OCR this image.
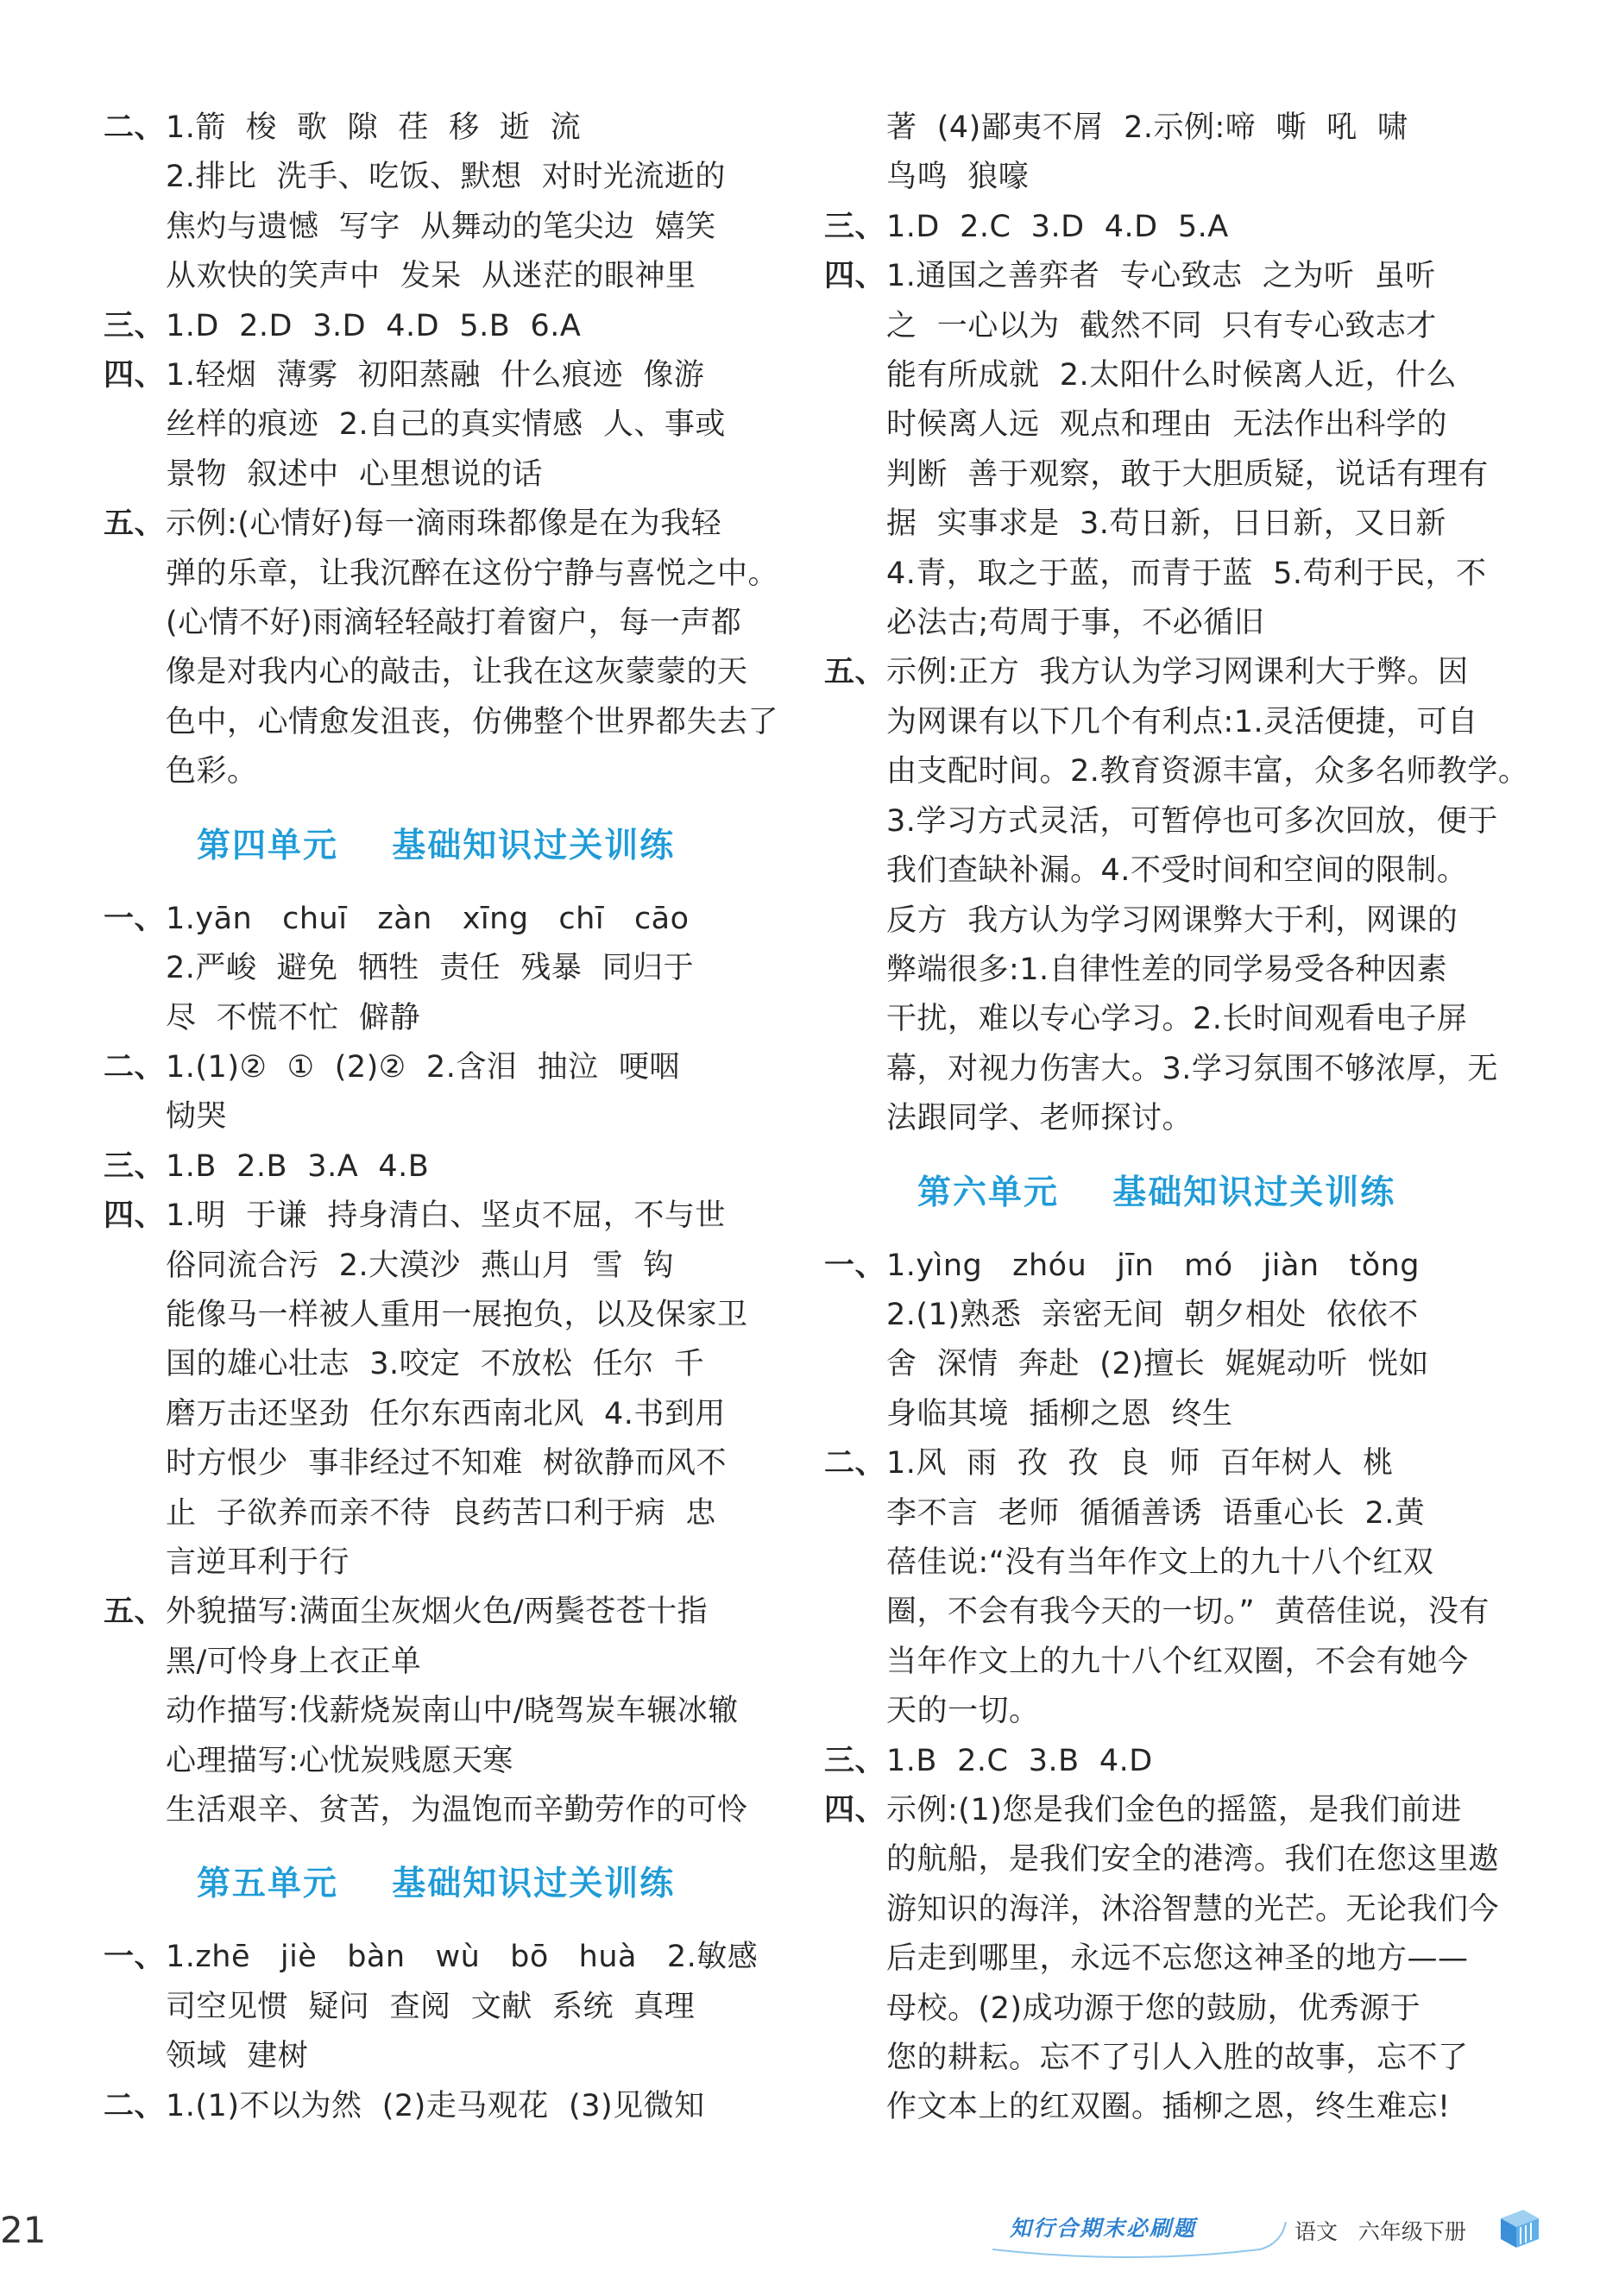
二、 1.箭  梭  歌  隙  荏  移  逝  流
2.排比  洗手、吃饭、默想  对时光流逝的
焦灼与遗憾  写字  从舞动的笔尖边  嬉笑
从欢快的笑声中  发呆  从迷茫的眼神里
三、 1.D  2.D  3.D  4.D  5.B  6.A
四、 1.轻烟  薄雾  初阳蒸融  什么痕迹  像游
丝样的痕迹  2.自己的真实情感  人、事或
景物  叙述中  心里想说的话
五、 示例:(心情好)每一滴雨珠都像是在为我轻
弹的乐章，让我沉醉在这份宁静与喜悦之中。
(心情不好)雨滴轻轻敲打着窗户，每一声都
像是对我内心的敲击，让我在这灰蒙蒙的天
色中，心情愈发沮丧，仿佛整个世界都失去了
色彩。
第四单元    基础知识过关训练
一、 1.yān   chuī   zàn   xīng   chī   cāo
2.严峻  避免  牺牲  责任  残暴  同归于
尽  不慌不忙  僻静
二、 1.(1)②  ①  (2)②  2.含泪  抽泣  哽咽
恸哭
三、 1.B  2.B  3.A  4.B
四、 1.明  于谦  持身清白、坚贞不屈，不与世
俗同流合污  2.大漠沙  燕山月  雪  钩
能像马一样被人重用一展抱负，以及保家卫
国的雄心壮志  3.咬定  不放松  任尔  千
磨万击还坚劲  任尔东西南北风  4.书到用
时方恨少  事非经过不知难  树欲静而风不
止  子欲养而亲不待  良药苦口利于病  忠
言逆耳利于行
五、 外貌描写:满面尘灰烟火色/两鬓苍苍十指
黑/可怜身上衣正单
动作描写:伐薪烧炭南山中/晓驾炭车辗冰辙
心理描写:心忧炭贱愿天寒
生活艰辛、贫苦，为温饱而辛勤劳作的可怜
第五单元    基础知识过关训练
一、 1.zhē   jiè   bàn   wù   bō   huà   2.敏感
司空见惯  疑问  查阅  文献  系统  真理
领域  建树
二、 1.(1)不以为然  (2)走马观花  (3)见微知
著  (4)鄙夷不屑  2.示例:啼  嘶  吼  啸
鸟鸣  狼嚎
三、 1.D  2.C  3.D  4.D  5.A
四、 1.通国之善弈者  专心致志  之为听  虽听
之  一心以为  截然不同  只有专心致志才
能有所成就  2.太阳什么时候离人近，什么
时候离人远  观点和理由  无法作出科学的
判断  善于观察，敢于大胆质疑，说话有理有
据  实事求是  3.苟日新，日日新，又日新
4.青，取之于蓝，而青于蓝  5.苟利于民，不
必法古;苟周于事，不必循旧
五、 示例:正方  我方认为学习网课利大于弊。因
为网课有以下几个有利点:1.灵活便捷，可自
由支配时间。2.教育资源丰富，众多名师教学。
3.学习方式灵活，可暂停也可多次回放，便于
我们查缺补漏。4.不受时间和空间的限制。
反方  我方认为学习网课弊大于利，网课的
弊端很多:1.自律性差的同学易受各种因素
干扰，难以专心学习。2.长时间观看电子屏
幕，对视力伤害大。3.学习氛围不够浓厚，无
法跟同学、老师探讨。
第六单元    基础知识过关训练
一、 1.yìng   zhóu   jīn   mó   jiàn   tǒng
2.(1)熟悉  亲密无间  朝夕相处  依依不
舍  深情  奔赴  (2)擅长  娓娓动听  恍如
身临其境  插柳之恩  终生
二、 1.风  雨  孜  孜  良  师  百年树人  桃
李不言  老师  循循善诱  语重心长  2.黄
蓓佳说:“没有当年作文上的九十八个红双
圈，不会有我今天的一切。”  黄蓓佳说，没有
当年作文上的九十八个红双圈，不会有她今
天的一切。
三、 1.B  2.C  3.B  4.D
四、 示例:(1)您是我们金色的摇篮，是我们前进
的航船，是我们安全的港湾。我们在您这里遨
游知识的海洋，沐浴智慧的光芒。无论我们今
后走到哪里，永远不忘您这神圣的地方——
母校。(2)成功源于您的鼓励，优秀源于
您的耕耘。忘不了引人入胜的故事，忘不了
作文本上的红双圈。插柳之恩，终生难忘!
21	知行合期末必刷题	语文   六年级下册
